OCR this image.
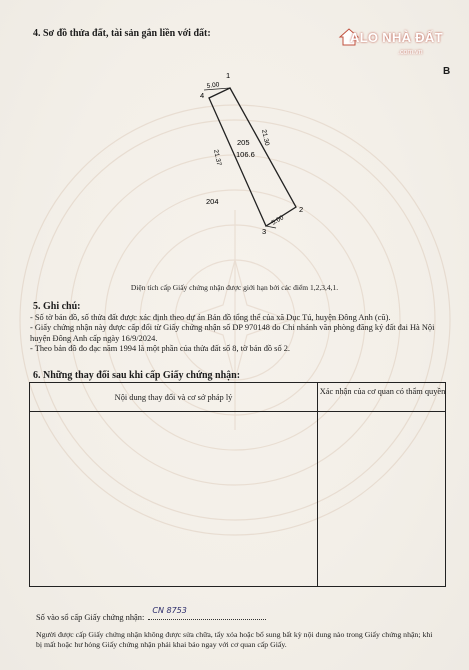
4. Sơ đồ thửa đất, tài sản gắn liền với đất:	ALO NHÀ ĐẤT
.com.vn
B
1
2
3
4
5.00
21.30
21.37
5.00
205
106.6
204
Diện tích cấp Giấy chứng nhận được giới hạn bởi các điểm 1,2,3,4,1.
5. Ghi chú:

- Số tờ bản đồ, số thửa đất được xác định theo dự án Bản đồ tổng thể của xã Dục Tú, huyện Đông Anh (cũ).

- Giấy chứng nhận này được cấp đổi từ Giấy chứng nhận số DP 970148 do Chi nhánh văn phòng đăng ký đất đai Hà Nội huyện Đông Anh cấp ngày 16/9/2024.

- Theo bản đồ đo đạc năm 1994 là một phần của thửa đất số 8, tờ bản đồ số 2.

6. Những thay đổi sau khi cấp Giấy chứng nhận:
Nội dung thay đổi và cơ sở pháp lý
Xác nhận của cơ quan có thẩm quyền
Số vào sổ cấp Giấy chứng nhận:
CN 8753
Người được cấp Giấy chứng nhận không được sửa chữa, tẩy xóa hoặc bổ sung bất kỳ nội dung nào trong Giấy chứng nhận; khi bị mất hoặc hư hỏng Giấy chứng nhận phải khai báo ngay với cơ quan cấp Giấy.
